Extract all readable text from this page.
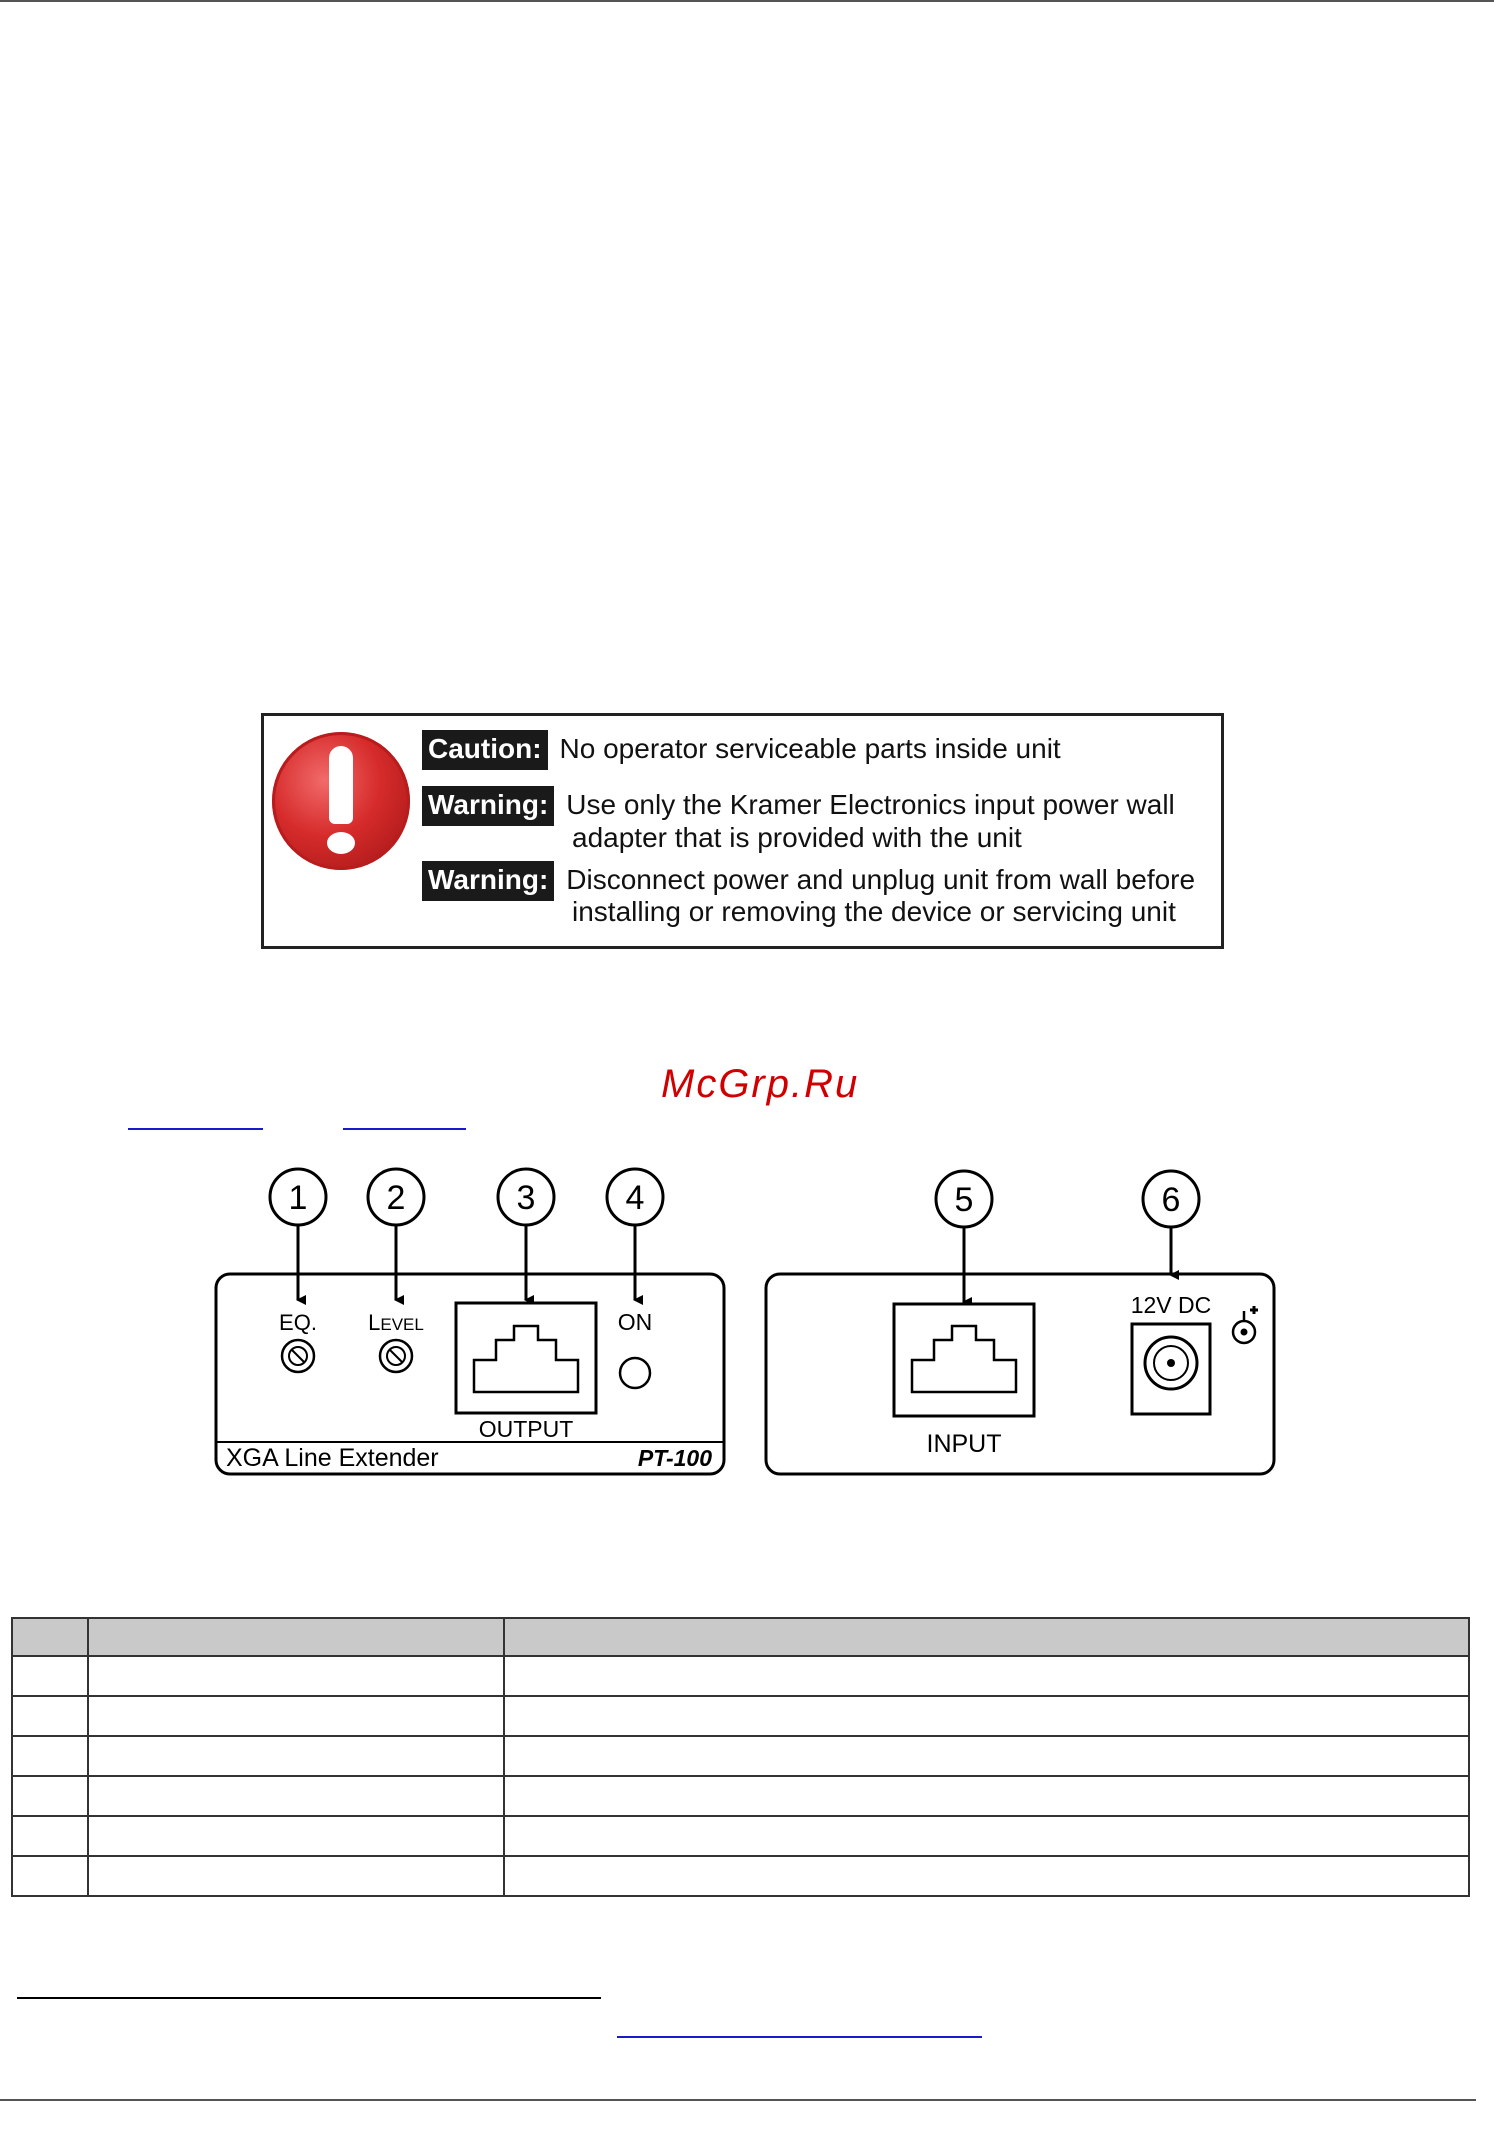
Caution: No operator serviceable parts inside unit
Warning: Use only the Kramer Electronics input power wall
adapter that is provided with the unit
Warning: Disconnect power and unplug unit from wall before
installing or removing the device or servicing unit
McGrp.Ru
1 2	3	4
EQ. LEVEL
OUTPUT
ON
XGA Line Extender	PT-100
5	6
INPUT
12V DC
